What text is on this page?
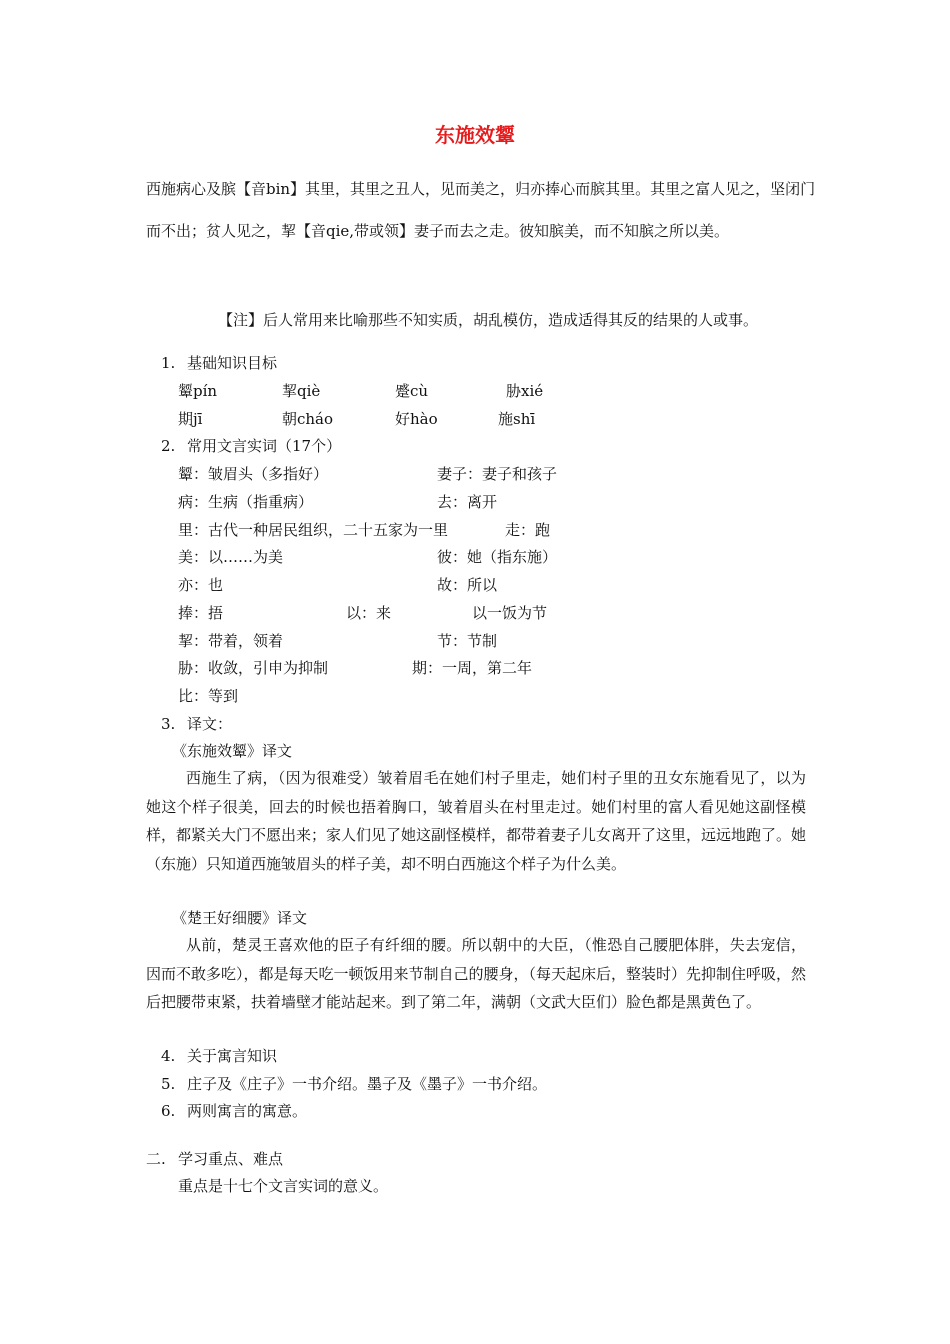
东施效颦
西施病心及膑【音bin】其里，其里之丑人，见而美之，归亦捧心而膑其里。其里之富人见之，坚闭门而不出；贫人见之，挈【音qie,带或领】妻子而去之走。彼知膑美，而不知膑之所以美。
【注】后人常用来比喻那些不知实质，胡乱模仿，造成适得其反的结果的人或事。
1. 基础知识目标
颦pín	挈qiè	蹙cù	胁xié
期jī	朝cháo	好hào	施shī
2. 常用文言实词（17个）
颦：皱眉头（多指好）	妻子：妻子和孩子
病：生病（指重病）	去：离开
里：古代一种居民组织，二十五家为一里	走：跑
美：以……为美	彼：她（指东施）
亦：也	故：所以
捧：捂	以：来	以一饭为节
挈：带着，领着	节：节制
胁：收敛，引申为抑制	期：一周，第二年
比：等到
3. 译文：
《东施效颦》译文
西施生了病，（因为很难受）皱着眉毛在她们村子里走，她们村子里的丑女东施看见了，以为她这个样子很美，回去的时候也捂着胸口，皱着眉头在村里走过。她们村里的富人看见她这副怪模样，都紧关大门不愿出来；家人们见了她这副怪模样，都带着妻子儿女离开了这里，远远地跑了。她（东施）只知道西施皱眉头的样子美，却不明白西施这个样子为什么美。
《楚王好细腰》译文
从前，楚灵王喜欢他的臣子有纤细的腰。所以朝中的大臣，（惟恐自己腰肥体胖，失去宠信，因而不敢多吃），都是每天吃一顿饭用来节制自己的腰身，（每天起床后，整装时）先抑制住呼吸，然后把腰带束紧，扶着墙壁才能站起来。到了第二年，满朝（文武大臣们）脸色都是黑黄色了。
4. 关于寓言知识
5. 庄子及《庄子》一书介绍。墨子及《墨子》一书介绍。
6. 两则寓言的寓意。
二. 学习重点、难点
重点是十七个文言实词的意义。
